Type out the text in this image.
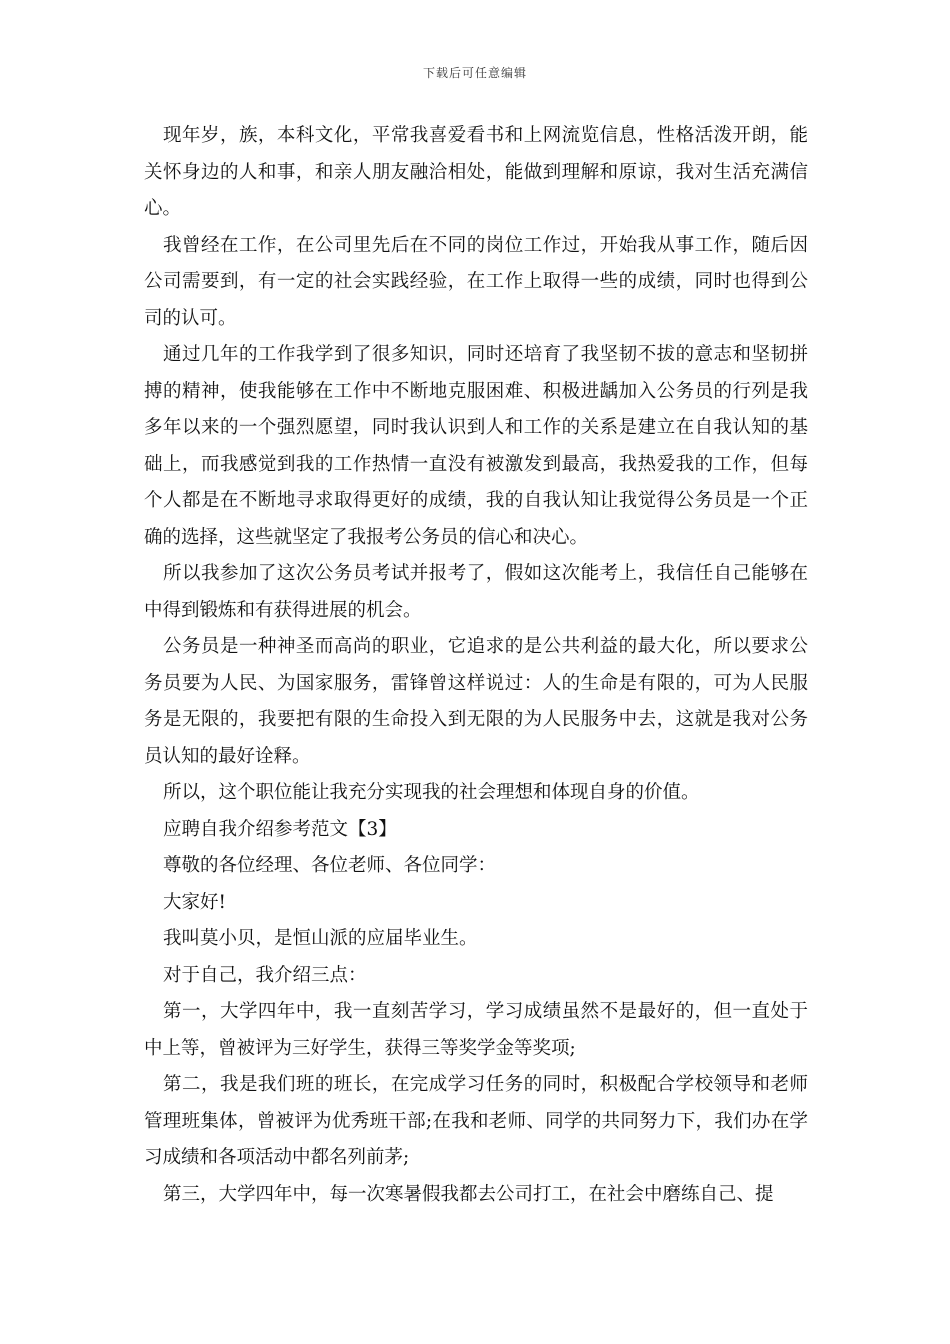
下载后可任意编辑

现年岁，族，本科文化，平常我喜爱看书和上网流览信息，性格活泼开朗，能关怀身边的人和事，和亲人朋友融洽相处，能做到理解和原谅，我对生活充满信心。

我曾经在工作，在公司里先后在不同的岗位工作过，开始我从事工作，随后因公司需要到，有一定的社会实践经验，在工作上取得一些的成绩，同时也得到公司的认可。

通过几年的工作我学到了很多知识，同时还培育了我坚韧不拔的意志和坚韧拼搏的精神，使我能够在工作中不断地克服困难、积极进龋加入公务员的行列是我多年以来的一个强烈愿望，同时我认识到人和工作的关系是建立在自我认知的基础上，而我感觉到我的工作热情一直没有被激发到最高，我热爱我的工作，但每个人都是在不断地寻求取得更好的成绩，我的自我认知让我觉得公务员是一个正确的选择，这些就坚定了我报考公务员的信心和决心。

所以我参加了这次公务员考试并报考了，假如这次能考上，我信任自己能够在中得到锻炼和有获得进展的机会。

公务员是一种神圣而高尚的职业，它追求的是公共利益的最大化，所以要求公务员要为人民、为国家服务，雷锋曾这样说过：人的生命是有限的，可为人民服务是无限的，我要把有限的生命投入到无限的为人民服务中去，这就是我对公务员认知的最好诠释。

所以，这个职位能让我充分实现我的社会理想和体现自身的价值。

应聘自我介绍参考范文【3】

尊敬的各位经理、各位老师、各位同学：

大家好!

我叫莫小贝，是恒山派的应届毕业生。

对于自己，我介绍三点：

第一，大学四年中，我一直刻苦学习，学习成绩虽然不是最好的，但一直处于中上等，曾被评为三好学生，获得三等奖学金等奖项;

第二，我是我们班的班长，在完成学习任务的同时，积极配合学校领导和老师管理班集体，曾被评为优秀班干部;在我和老师、同学的共同努力下，我们办在学习成绩和各项活动中都名列前茅;

第三，大学四年中，每一次寒暑假我都去公司打工，在社会中磨练自己、提
